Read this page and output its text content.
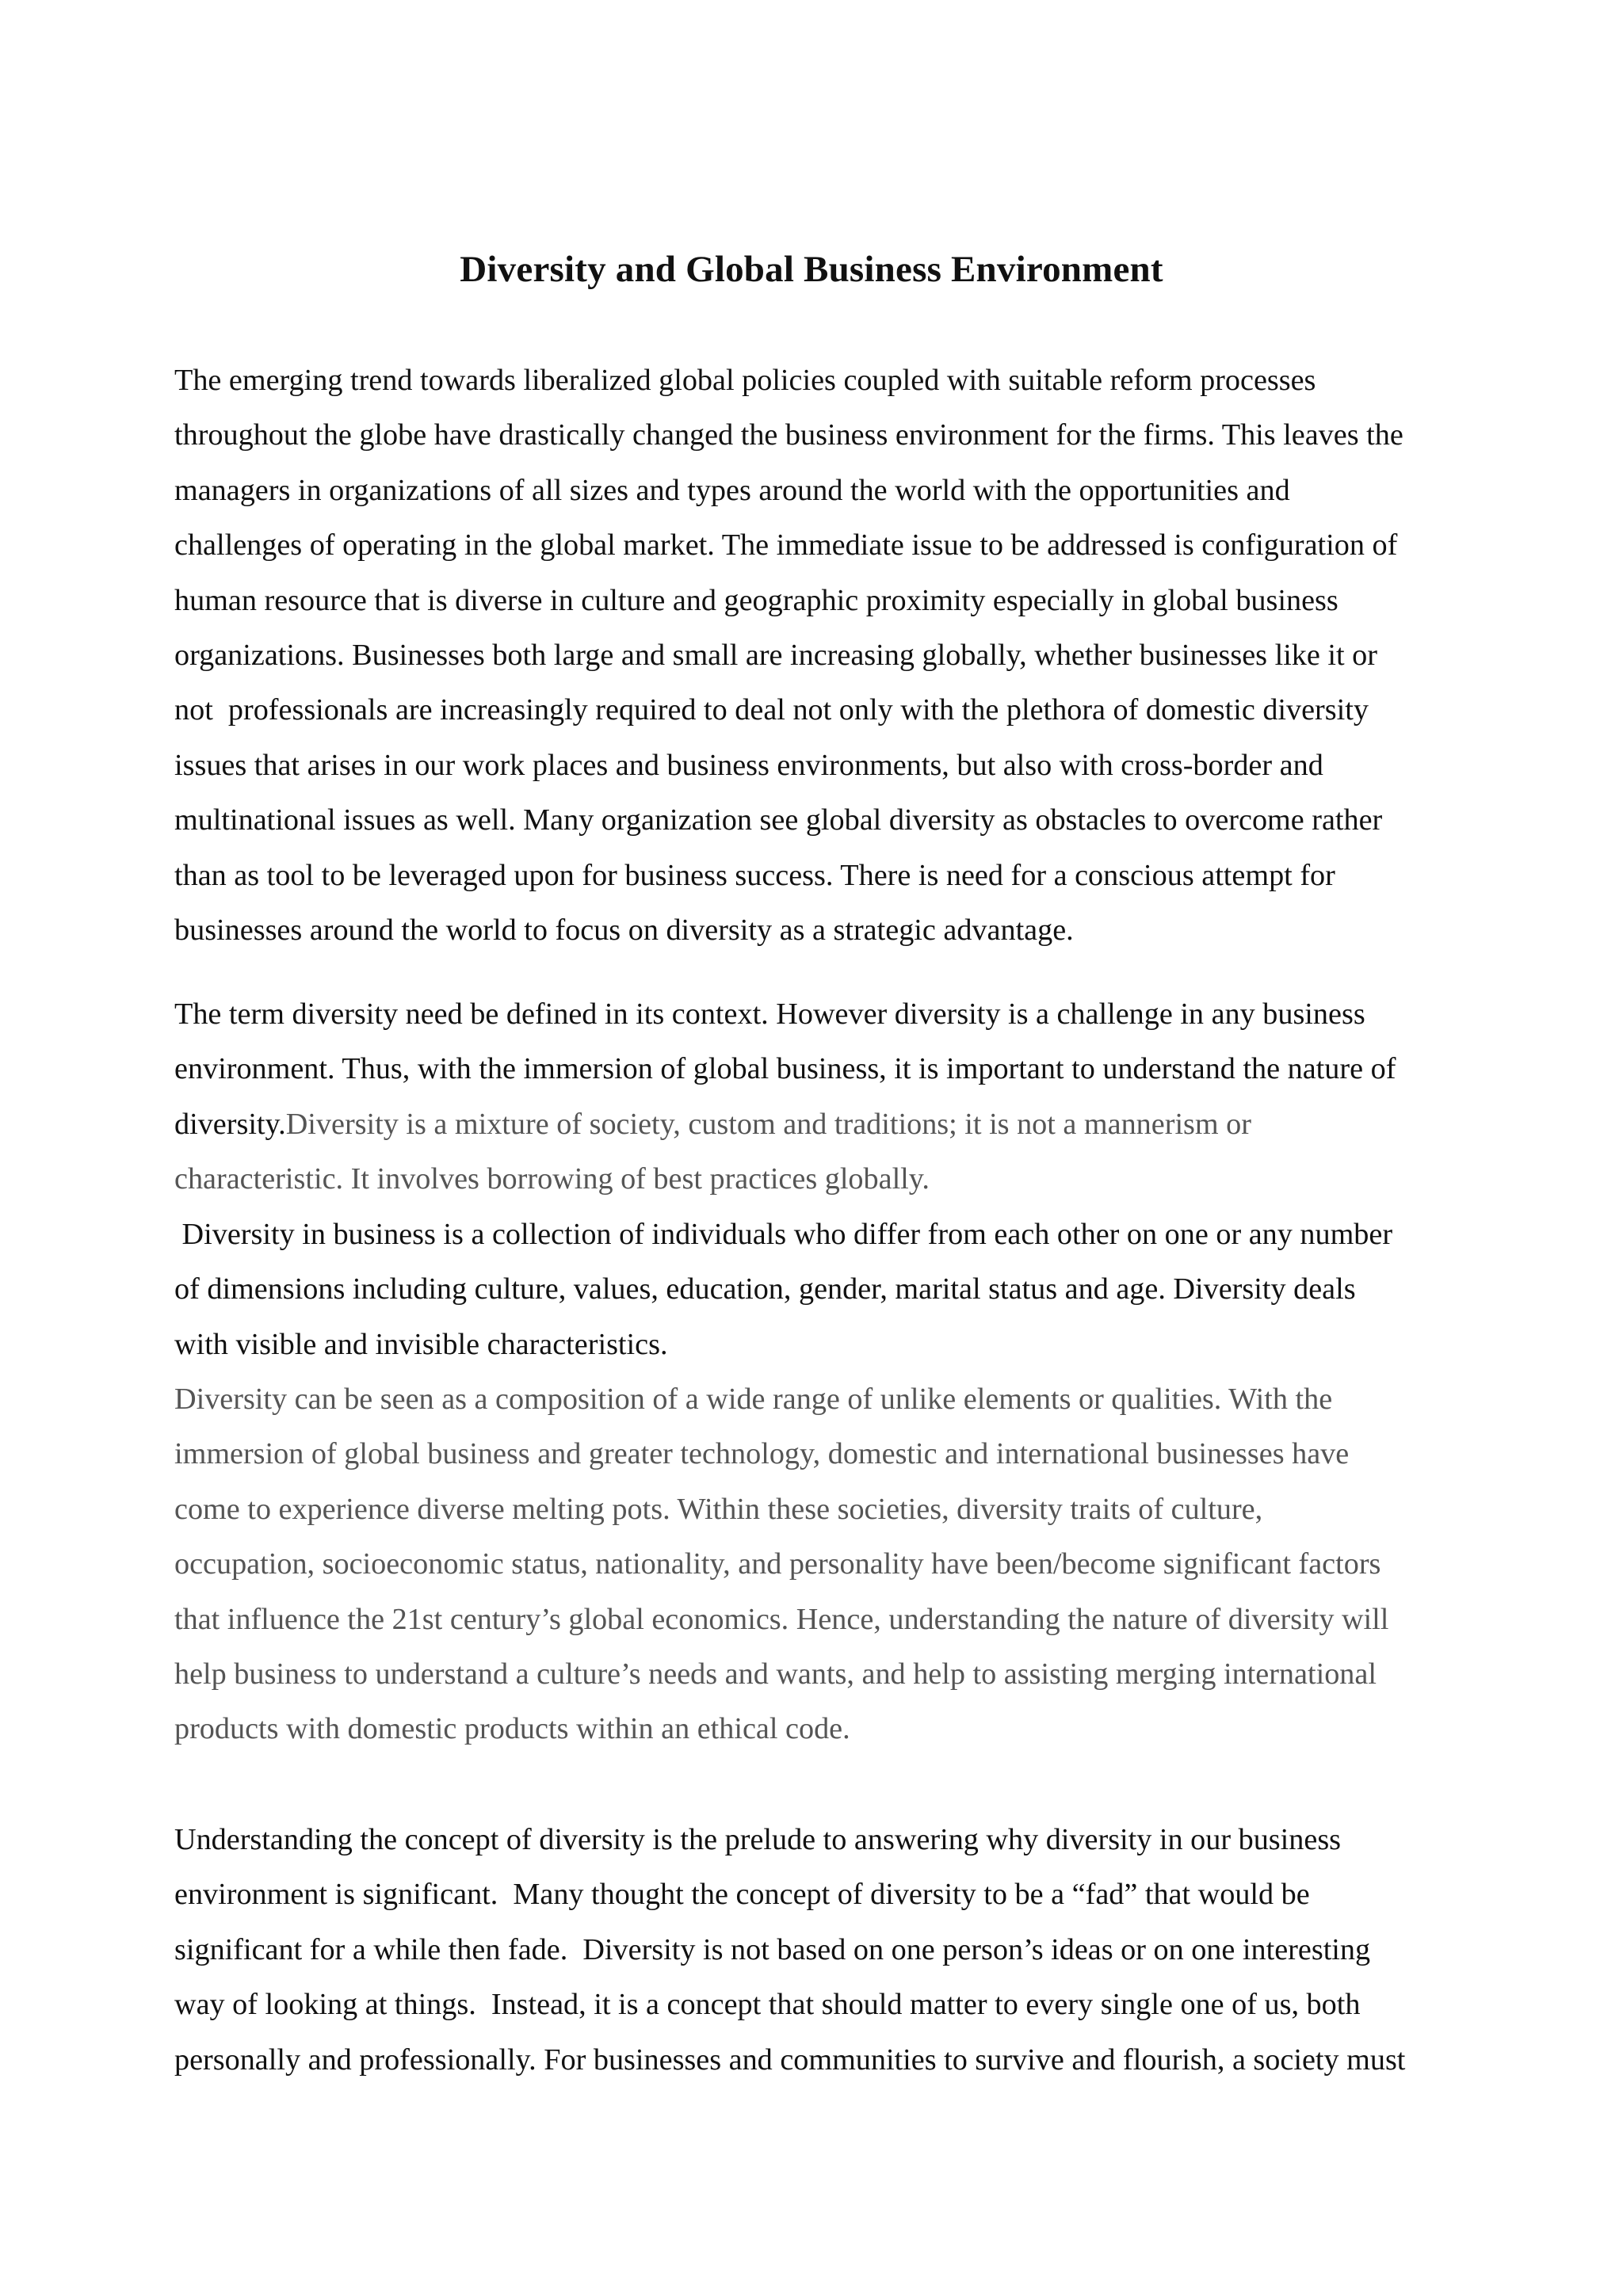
Diversity and Global Business Environment
The emerging trend towards liberalized global policies coupled with suitable reform processes
throughout the globe have drastically changed the business environment for the firms. This leaves the
managers in organizations of all sizes and types around the world with the opportunities and
challenges of operating in the global market. The immediate issue to be addressed is configuration of
human resource that is diverse in culture and geographic proximity especially in global business
organizations. Businesses both large and small are increasing globally, whether businesses like it or
not  professionals are increasingly required to deal not only with the plethora of domestic diversity
issues that arises in our work places and business environments, but also with cross-border and
multinational issues as well. Many organization see global diversity as obstacles to overcome rather
than as tool to be leveraged upon for business success. There is need for a conscious attempt for
businesses around the world to focus on diversity as a strategic advantage.
The term diversity need be defined in its context. However diversity is a challenge in any business
environment. Thus, with the immersion of global business, it is important to understand the nature of
diversity.Diversity is a mixture of society, custom and traditions; it is not a mannerism or
characteristic. It involves borrowing of best practices globally.
Diversity in business is a collection of individuals who differ from each other on one or any number
of dimensions including culture, values, education, gender, marital status and age. Diversity deals
with visible and invisible characteristics.
Diversity can be seen as a composition of a wide range of unlike elements or qualities. With the
immersion of global business and greater technology, domestic and international businesses have
come to experience diverse melting pots. Within these societies, diversity traits of culture,
occupation, socioeconomic status, nationality, and personality have been/become significant factors
that influence the 21st century’s global economics. Hence, understanding the nature of diversity will
help business to understand a culture’s needs and wants, and help to assisting merging international
products with domestic products within an ethical code.
Understanding the concept of diversity is the prelude to answering why diversity in our business
environment is significant.  Many thought the concept of diversity to be a “fad” that would be
significant for a while then fade.  Diversity is not based on one person’s ideas or on one interesting
way of looking at things.  Instead, it is a concept that should matter to every single one of us, both
personally and professionally. For businesses and communities to survive and flourish, a society must
